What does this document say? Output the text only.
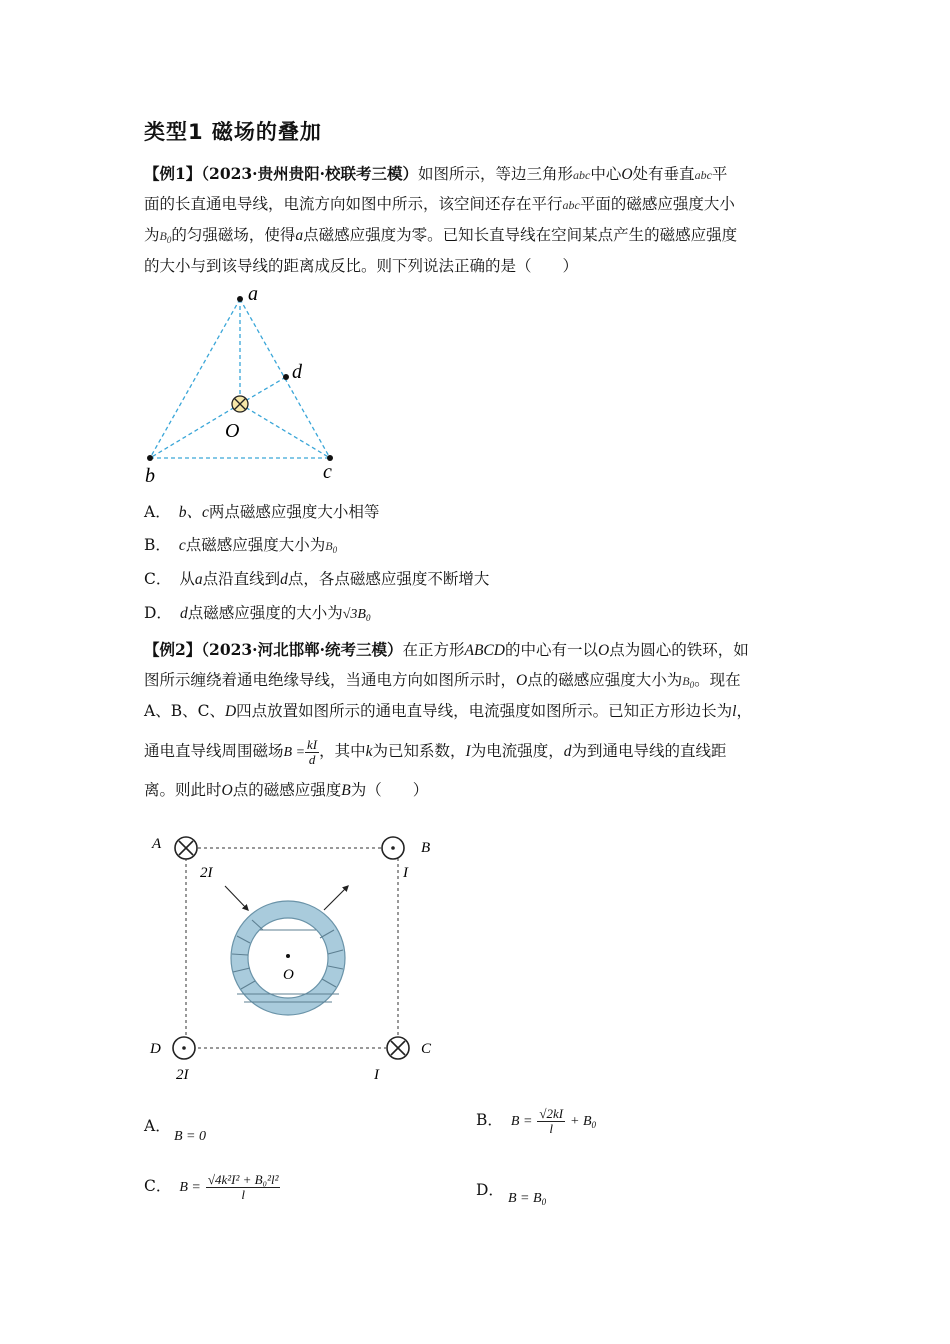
类型1 磁场的叠加
【例1】（2023·贵州贵阳·校联考三模）如图所示，等边三角形abc中心O处有垂直abc平
面的长直通电导线，电流方向如图中所示，该空间还存在平行abc平面的磁感应强度大小
为$B_0$的匀强磁场，使得a点磁感应强度为零。已知长直导线在空间某点产生的磁感应强度
的大小与到该导线的距离成反比。则下列说法正确的是（　　）
a
b	c
d
O
A． b、c两点磁感应强度大小相等
B． c点磁感应强度大小为$B_0$
C． 从a点沿直线到d点，各点磁感应强度不断增大
D． d点磁感应强度的大小为$√3B_0$
【例2】（2023·河北邯郸·统考三模）在正方形ABCD的中心有一以O点为圆心的铁环，如
图所示缠绕着通电绝缘导线，当通电方向如图所示时，O点的磁感应强度大小为$B_0$。现在
A、B、C、D四点放置如图所示的通电直导线，电流强度如图所示。已知正方形边长为l，
通电直导线周围磁场$B = \frac{kI}{d}$ ，其中k为已知系数，I为电流强度，d为到通电导线的直线距
离。则此时O点的磁感应强度B为（　　）
A	B
C
D
2I	I
I
2I
O
A．
B = 0
B． $B = \frac{√2kI}{l} + B_0$
C． $B = \frac{\text{√4k²I² + B₀²l²}}{l}$	D． $B = B_0$
